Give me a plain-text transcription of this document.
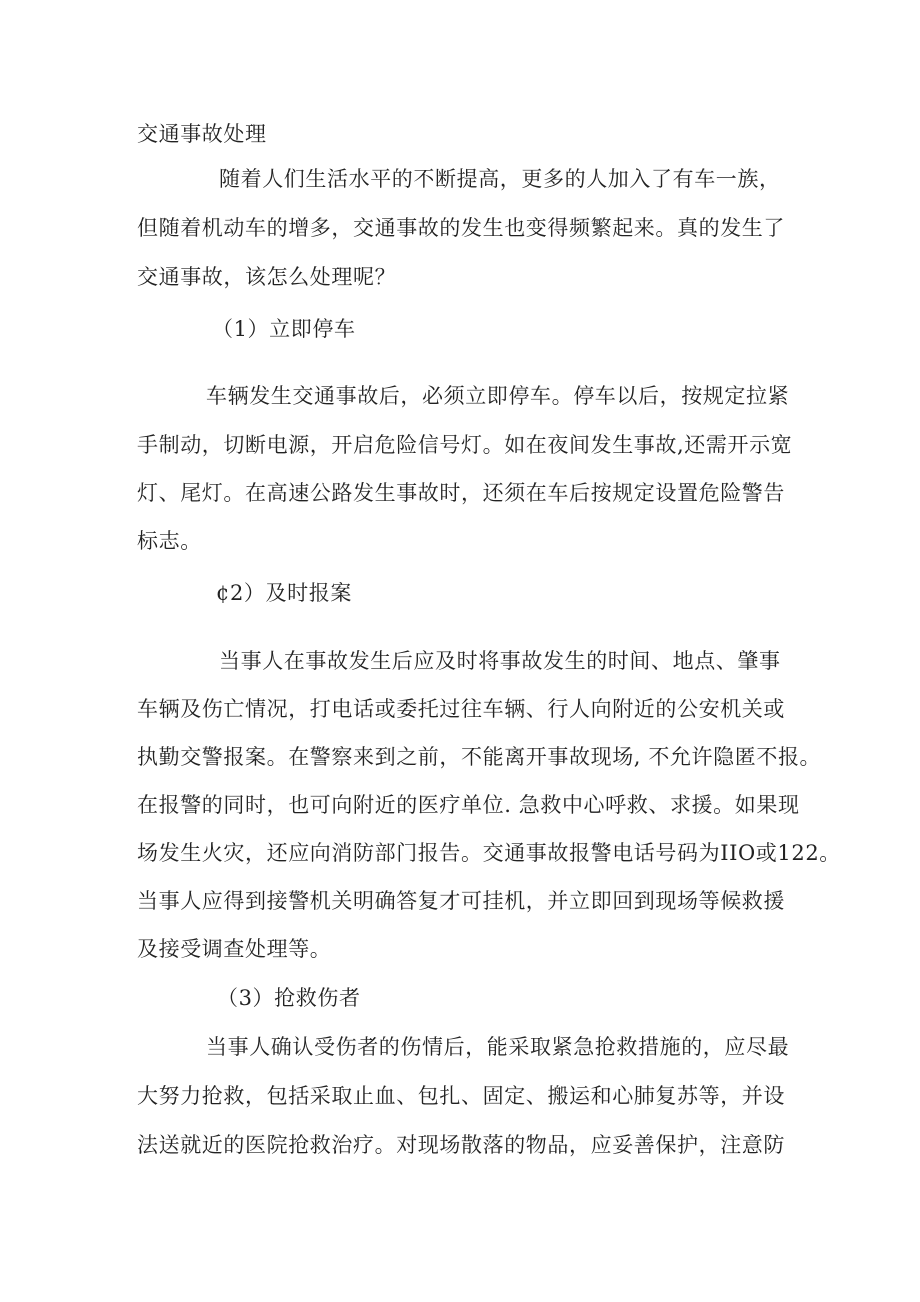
交通事故处理

随着人们生活水平的不断提高，更多的人加入了有车一族，

但随着机动车的增多，交通事故的发生也变得频繁起来。真的发生了

交通事故，该怎么处理呢？

（1）立即停车

车辆发生交通事故后，必须立即停车。停车以后，按规定拉紧

手制动，切断电源，开启危险信号灯。如在夜间发生事故,还需开示宽

灯、尾灯。在高速公路发生事故时，还须在车后按规定设置危险警告

标志。

¢2）及时报案

当事人在事故发生后应及时将事故发生的时间、地点、肇事

车辆及伤亡情况，打电话或委托过往车辆、行人向附近的公安机关或

执勤交警报案。在警察来到之前，不能离开事故现场, 不允许隐匿不报。

在报警的同时，也可向附近的医疗单位. 急救中心呼救、求援。如果现

场发生火灾，还应向消防部门报告。交通事故报警电话号码为IIO或122。

当事人应得到接警机关明确答复才可挂机，并立即回到现场等候救援

及接受调查处理等。

（3）抢救伤者

当事人确认受伤者的伤情后，能采取紧急抢救措施的，应尽最

大努力抢救，包括采取止血、包扎、固定、搬运和心肺复苏等，并设

法送就近的医院抢救治疗。对现场散落的物品，应妥善保护，注意防
